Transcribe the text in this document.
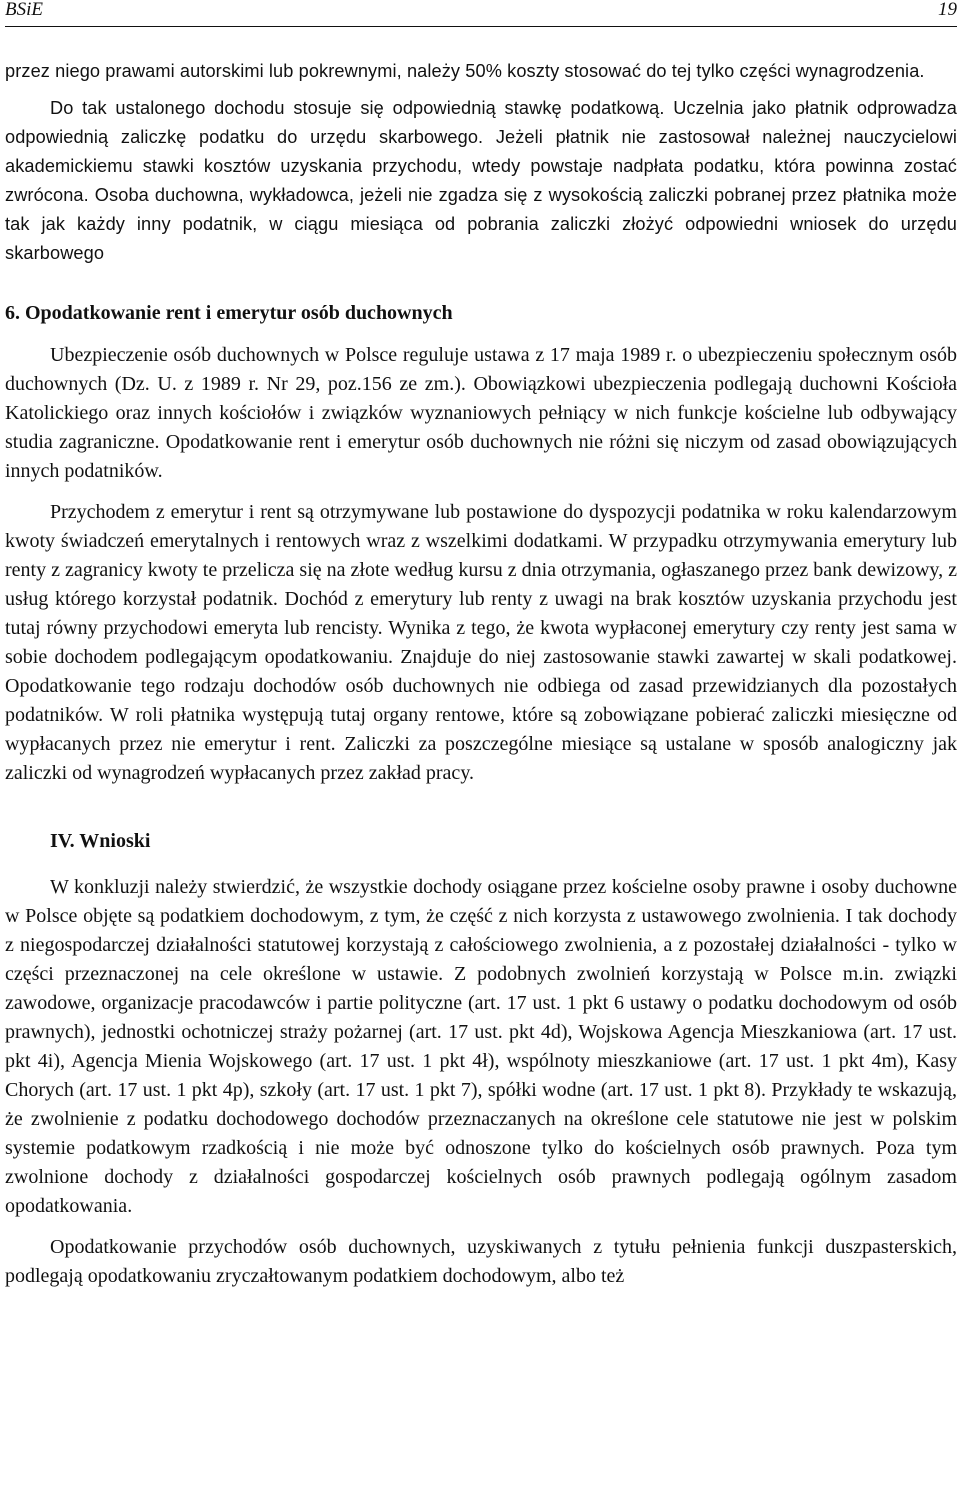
BSiE	19

przez niego prawami autorskimi lub pokrewnymi, należy 50% koszty stosować do tej tylko części wynagrodzenia.

Do tak ustalonego dochodu stosuje się odpowiednią stawkę podatkową. Uczelnia jako płatnik odprowadza odpowiednią zaliczkę podatku do urzędu skarbowego. Jeżeli płatnik nie zastosował należnej nauczycielowi akademickiemu stawki kosztów uzyskania przychodu, wtedy powstaje nadpłata podatku, która powinna zostać zwrócona. Osoba duchowna, wykładowca, jeżeli nie zgadza się z wysokością zaliczki pobranej przez płatnika może tak jak każdy inny podatnik, w ciągu miesiąca od pobrania zaliczki złożyć odpowiedni wniosek do urzędu skarbowego

6. Opodatkowanie rent i emerytur osób duchownych

Ubezpieczenie osób duchownych w Polsce reguluje ustawa z 17 maja 1989 r. o ubezpieczeniu społecznym osób duchownych (Dz. U. z 1989 r. Nr 29, poz.156 ze zm.). Obowiązkowi ubezpieczenia podlegają duchowni Kościoła Katolickiego oraz innych kościołów i związków wyznaniowych pełniący w nich funkcje kościelne lub odbywający studia zagraniczne. Opodatkowanie rent i emerytur osób duchownych nie różni się niczym od zasad obowiązujących innych podatników.

Przychodem z emerytur i rent są otrzymywane lub postawione do dyspozycji podatnika w roku kalendarzowym kwoty świadczeń emerytalnych i rentowych wraz z wszelkimi dodatkami. W przypadku otrzymywania emerytury lub renty z zagranicy kwoty te przelicza się na złote według kursu z dnia otrzymania, ogłaszanego przez bank dewizowy, z usług którego korzystał podatnik. Dochód z emerytury lub renty z uwagi na brak kosztów uzyskania przychodu jest tutaj równy przychodowi emeryta lub rencisty. Wynika z tego, że kwota wypłaconej emerytury czy renty jest sama w sobie dochodem podlegającym opodatkowaniu. Znajduje do niej zastosowanie stawki zawartej w skali podatkowej. Opodatkowanie tego rodzaju dochodów osób duchownych nie odbiega od zasad przewidzianych dla pozostałych podatników. W roli płatnika występują tutaj organy rentowe, które są zobowiązane pobierać zaliczki miesięczne od wypłacanych przez nie emerytur i rent. Zaliczki za poszczególne miesiące są ustalane w sposób analogiczny jak zaliczki od wynagrodzeń wypłacanych przez zakład pracy.

IV. Wnioski

W konkluzji należy stwierdzić, że wszystkie dochody osiągane przez kościelne osoby prawne i osoby duchowne w Polsce objęte są podatkiem dochodowym, z tym, że część z nich korzysta z ustawowego zwolnienia. I tak dochody z niegospodarczej działalności statutowej korzystają z całościowego zwolnienia, a z pozostałej działalności - tylko w części przeznaczonej na cele określone w ustawie. Z podobnych zwolnień korzystają w Polsce m.in. związki zawodowe, organizacje pracodawców i partie polityczne (art. 17 ust. 1 pkt 6 ustawy o podatku dochodowym od osób prawnych), jednostki ochotniczej straży pożarnej (art. 17 ust. pkt 4d), Wojskowa Agencja Mieszkaniowa (art. 17 ust. pkt 4i), Agencja Mienia Wojskowego (art. 17 ust. 1 pkt 4ł), wspólnoty mieszkaniowe (art. 17 ust. 1 pkt 4m), Kasy Chorych (art. 17 ust. 1 pkt 4p), szkoły (art. 17 ust. 1 pkt 7), spółki wodne (art. 17 ust. 1 pkt 8). Przykłady te wskazują, że zwolnienie z podatku dochodowego dochodów przeznaczanych na określone cele statutowe nie jest w polskim systemie podatkowym rzadkością i nie może być odnoszone tylko do kościelnych osób prawnych. Poza tym zwolnione dochody z działalności gospodarczej kościelnych osób prawnych podlegają ogólnym zasadom opodatkowania.

Opodatkowanie przychodów osób duchownych, uzyskiwanych z tytułu pełnienia funkcji duszpasterskich, podlegają opodatkowaniu zryczałtowanym podatkiem dochodowym, albo też
